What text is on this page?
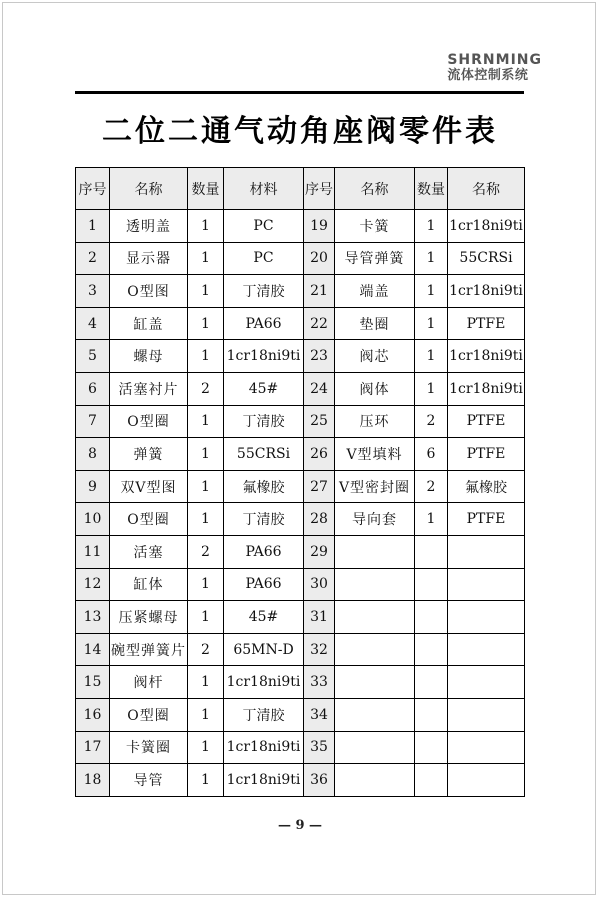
SHRNMING
流体控制系统
二位二通气动角座阀零件表
序号	名称	数量	材料	序号	名称	数量	名称
1	透明盖	1	PC	19	卡簧	1	1cr18ni9ti
2	显示器	1	PC	20	导管弹簧	1	55CRSi
3	O型图	1	丁清胶	21	端盖	1	1cr18ni9ti
4	缸盖	1	PA66	22	垫圈	1	PTFE
5	螺母	1	1cr18ni9ti	23	阀芯	1	1cr18ni9ti
6	活塞衬片	2	45#	24	阀体	1	1cr18ni9ti
7	O型圈	1	丁清胶	25	压环	2	PTFE
8	弹簧	1	55CRSi	26	V型填料	6	PTFE
9	双V型图	1	氟橡胶	27	V型密封圈	2	氟橡胶
10	O型圈	1	丁清胶	28	导向套	1	PTFE
11	活塞	2	PA66	29			
12	缸体	1	PA66	30			
13	压紧螺母	1	45#	31			
14	碗型弹簧片	2	65MN-D	32			
15	阀杆	1	1cr18ni9ti	33			
16	O型圈	1	丁清胶	34			
17	卡簧圈	1	1cr18ni9ti	35			
18	导管	1	1cr18ni9ti	36			
— 9 —
